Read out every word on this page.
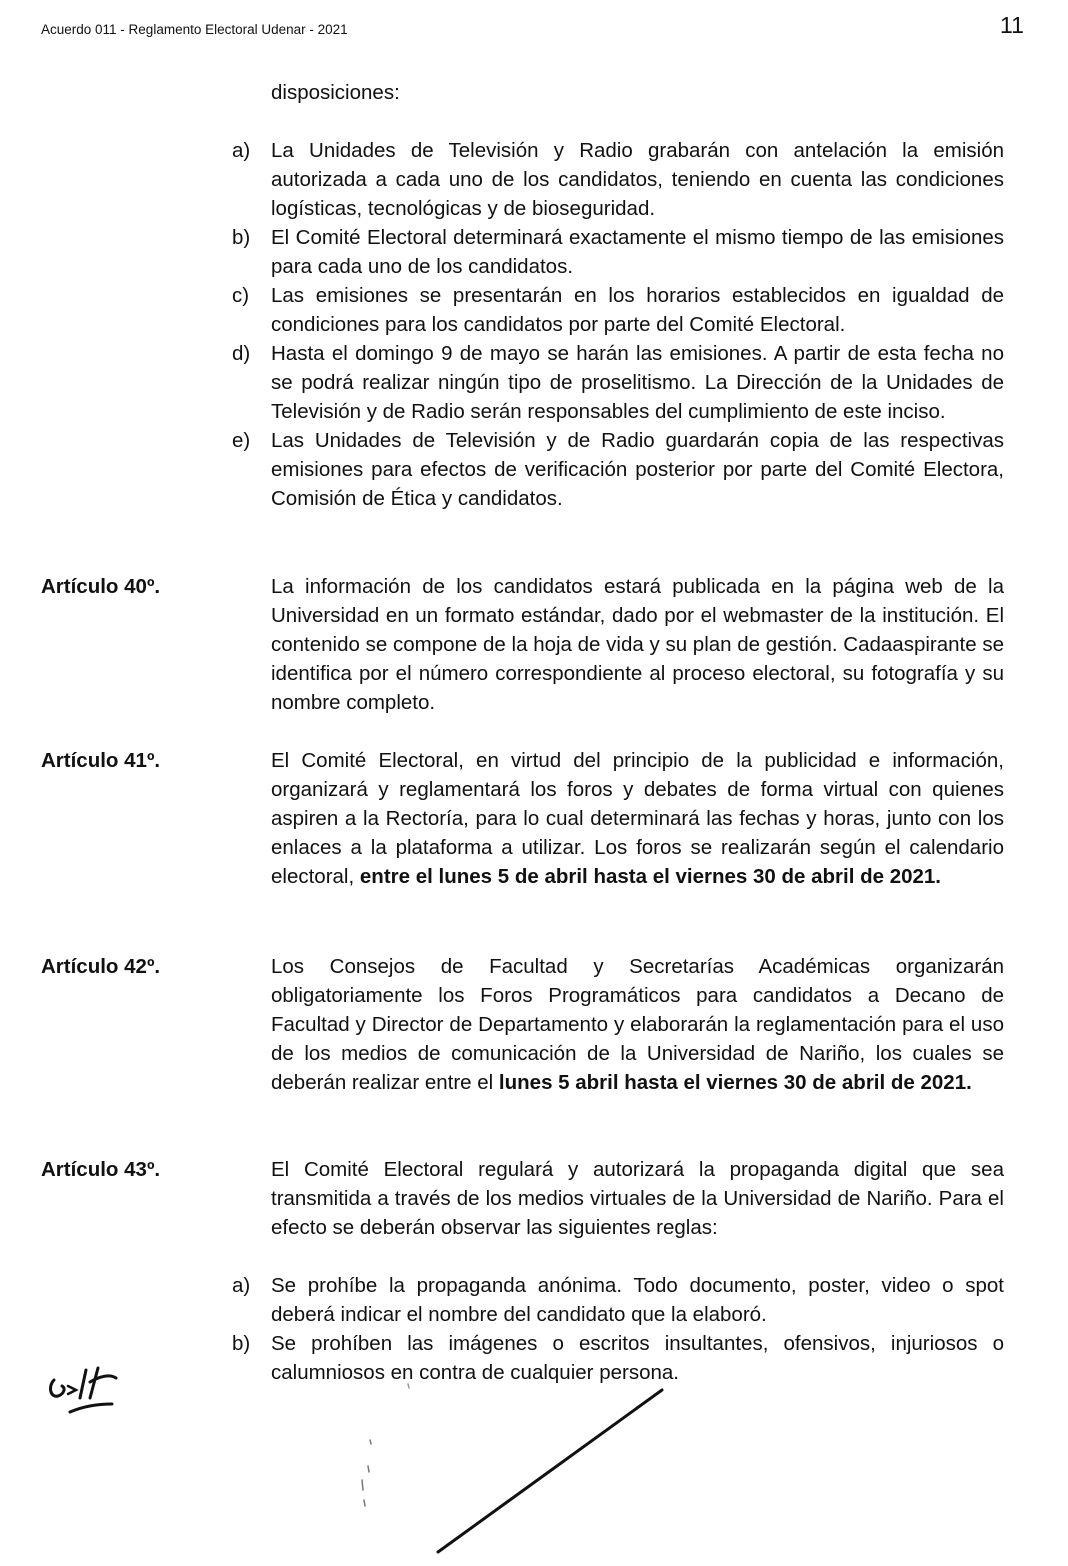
Acuerdo 011 - Reglamento Electoral Udenar - 2021	11

disposiciones:

a) La Unidades de Televisión y Radio grabarán con antelación la emisión autorizada a cada uno de los candidatos, teniendo en cuenta las condiciones logísticas, tecnológicas y de bioseguridad.
b) El Comité Electoral determinará exactamente el mismo tiempo de las emisiones para cada uno de los candidatos.
c) Las emisiones se presentarán en los horarios establecidos en igualdad de condiciones para los candidatos por parte del Comité Electoral.
d) Hasta el domingo 9 de mayo se harán las emisiones. A partir de esta fecha no se podrá realizar ningún tipo de proselitismo. La Dirección de la Unidades de Televisión y de Radio serán responsables del cumplimiento de este inciso.
e) Las Unidades de Televisión y de Radio guardarán copia de las respectivas emisiones para efectos de verificación posterior por parte del Comité Electora, Comisión de Ética y candidatos.
Artículo 40º.	La información de los candidatos estará publicada en la página web de la Universidad en un formato estándar, dado por el webmaster de la institución. El contenido se compone de la hoja de vida y su plan de gestión. Cadaaspirante se identifica por el número correspondiente al proceso electoral, su fotografía y su nombre completo.

Artículo 41º.	El Comité Electoral, en virtud del principio de la publicidad e información, organizará y reglamentará los foros y debates de forma virtual con quienes aspiren a la Rectoría, para lo cual determinará las fechas y horas, junto con los enlaces a la plataforma a utilizar. Los foros se realizarán según el calendario electoral, entre el lunes 5 de abril hasta el viernes 30 de abril de 2021.

Artículo 42º.	Los Consejos de Facultad y Secretarías Académicas organizarán obligatoriamente los Foros Programáticos para candidatos a Decano de Facultad y Director de Departamento y elaborarán la reglamentación para el uso de los medios de comunicación de la Universidad de Nariño, los cuales se deberán realizar entre el lunes 5 abril hasta el viernes 30 de abril de 2021.

Artículo 43º.	El Comité Electoral regulará y autorizará la propaganda digital que sea transmitida a través de los medios virtuales de la Universidad de Nariño. Para el efecto se deberán observar las siguientes reglas:

a) Se prohíbe la propaganda anónima. Todo documento, poster, video o spot deberá indicar el nombre del candidato que la elaboró.
b) Se prohíben las imágenes o escritos insultantes, ofensivos, injuriosos o calumniosos en contra de cualquier persona.
